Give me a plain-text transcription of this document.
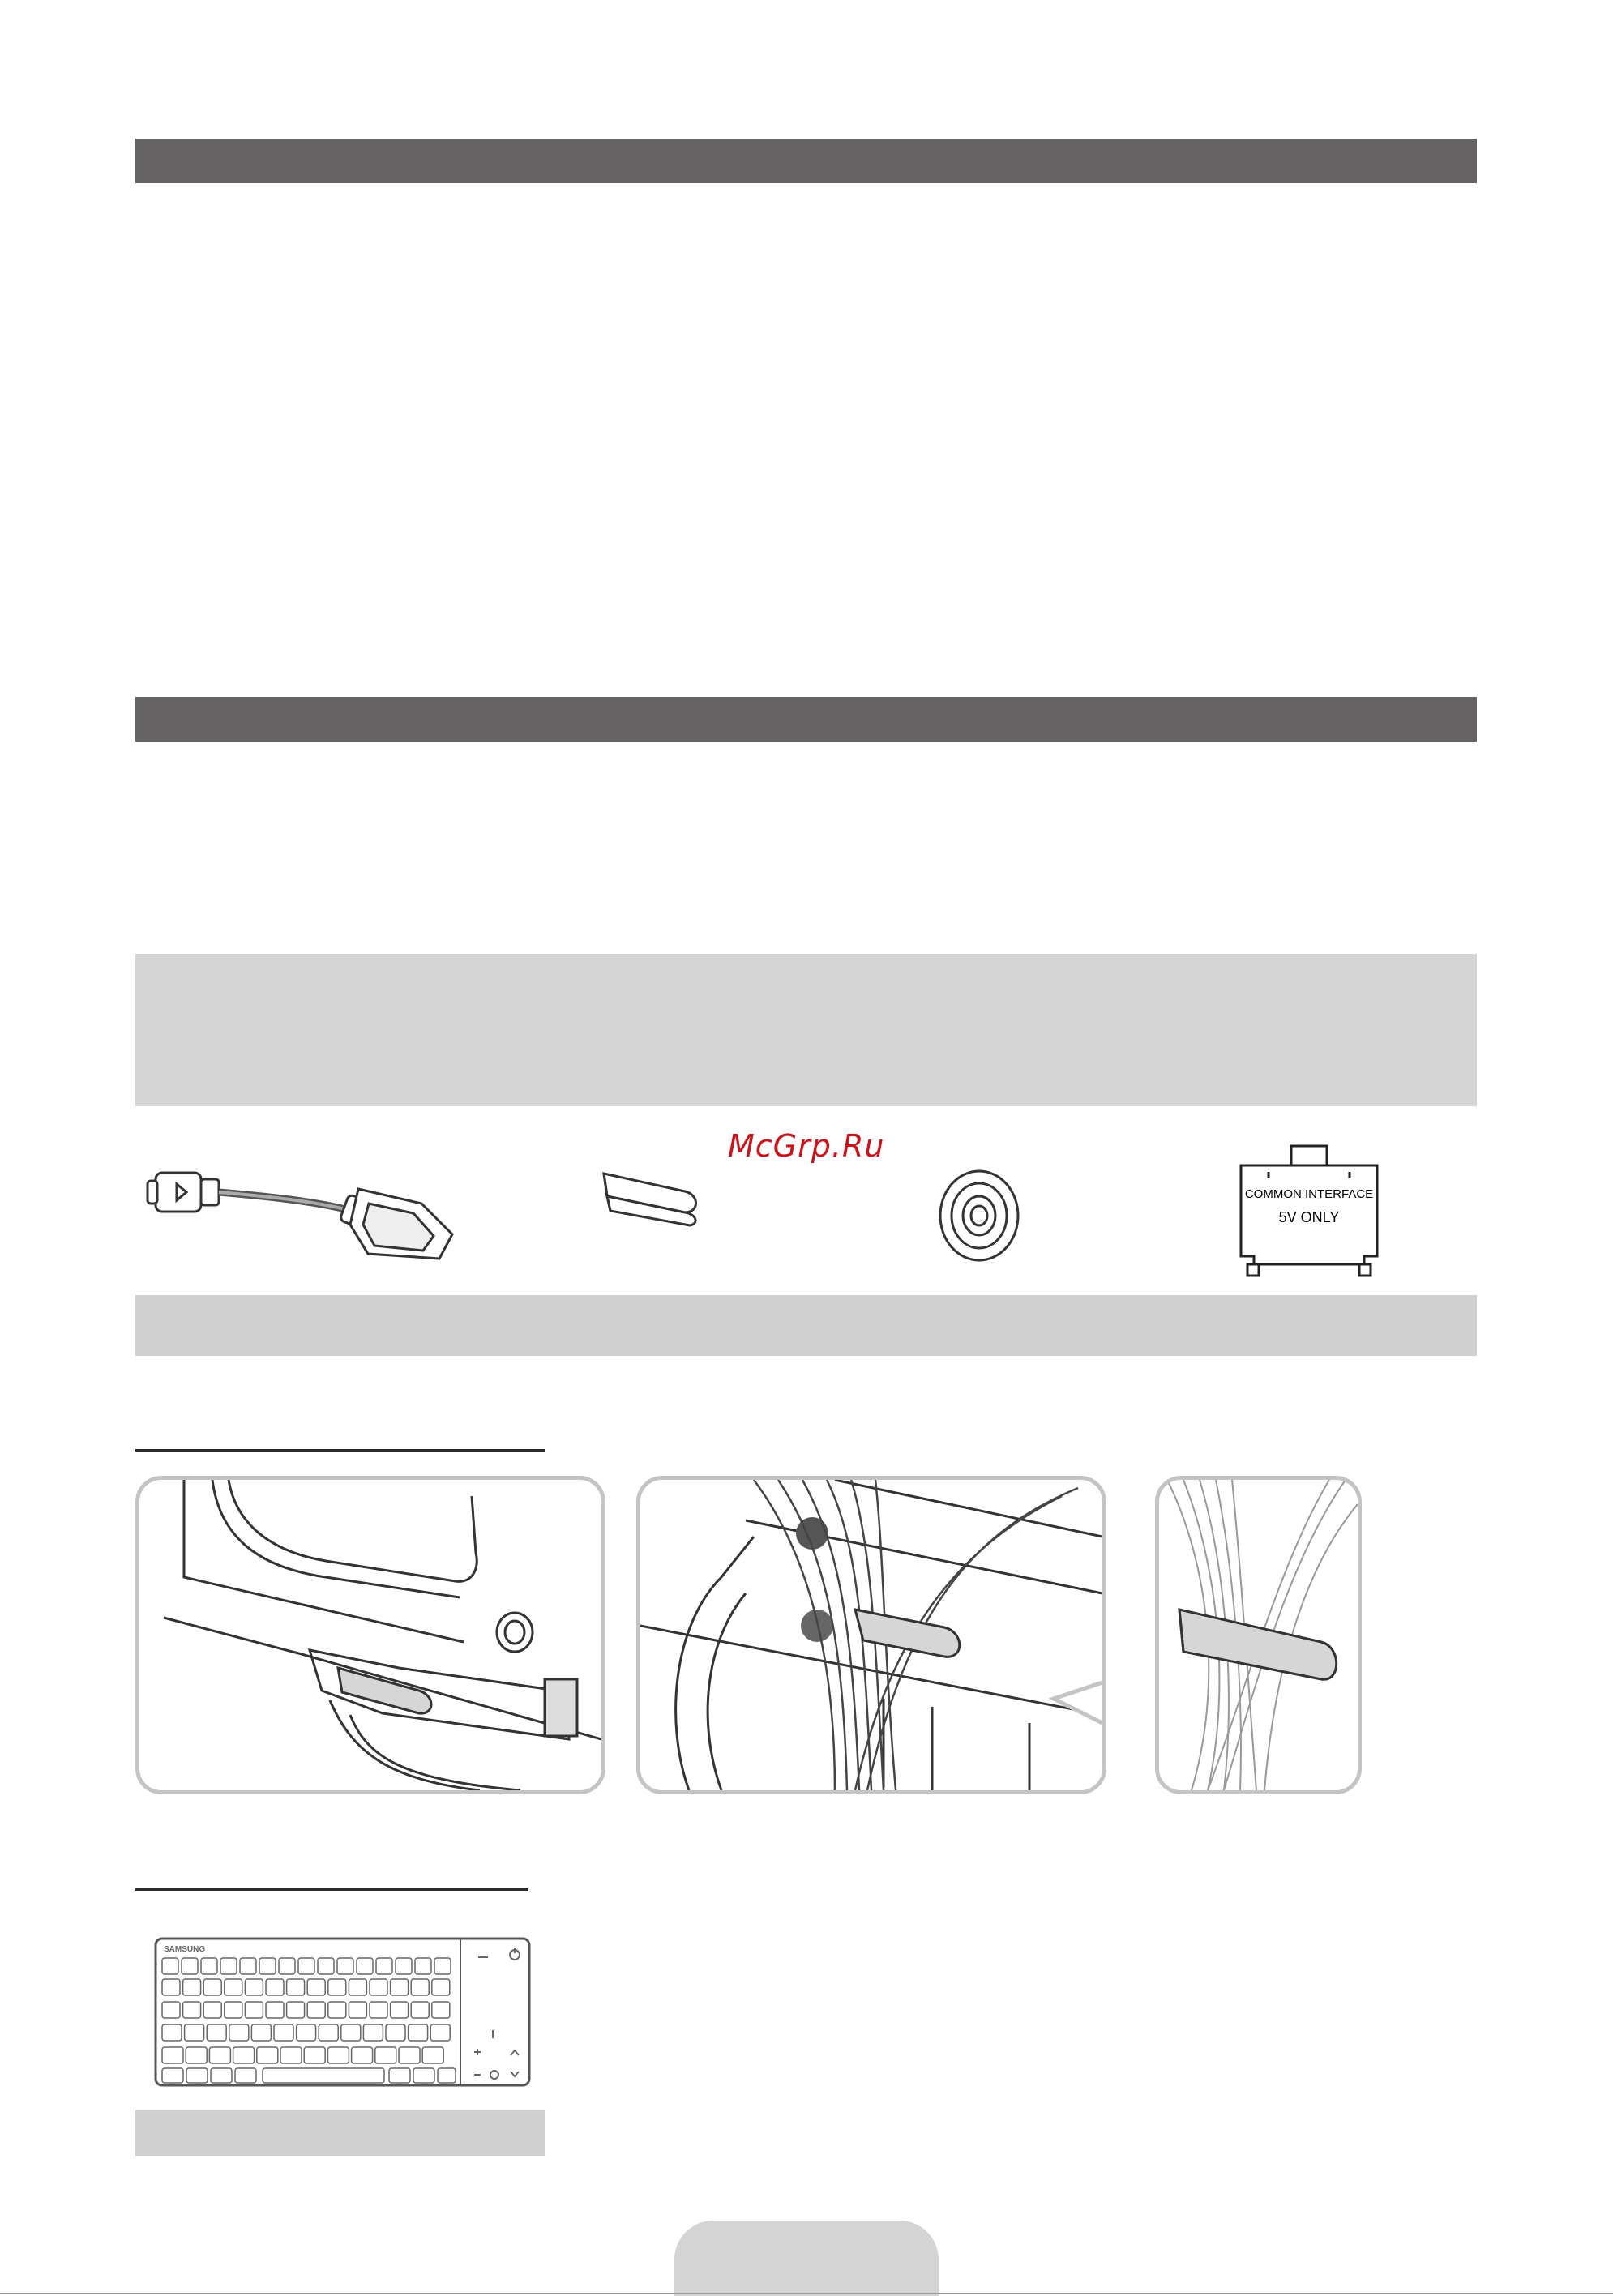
McGrp.Ru
COMMON INTERFACE
5V ONLY
SAMSUNG
